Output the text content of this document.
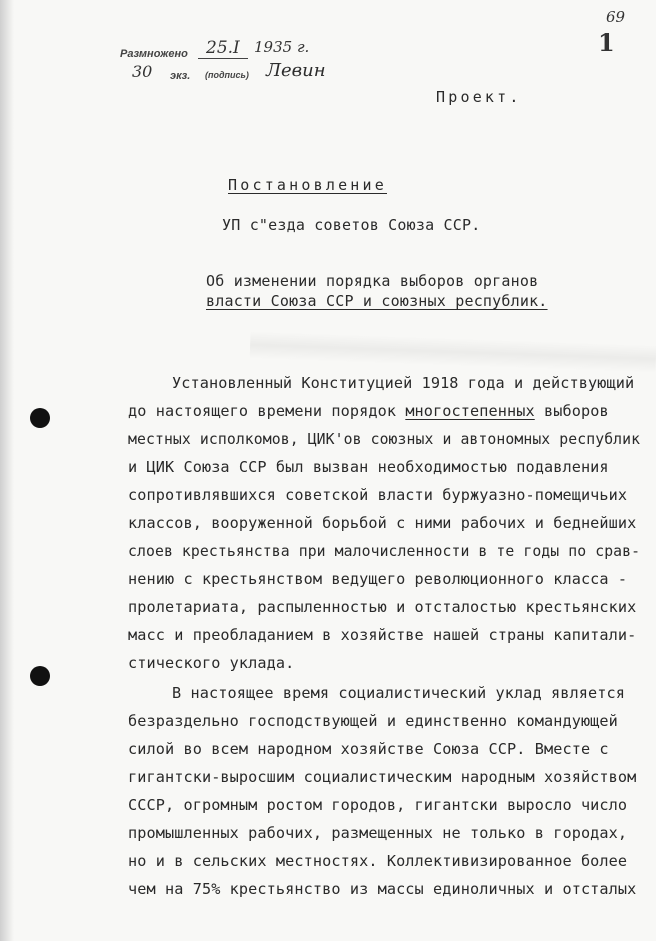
69
1
Размножено 25.I 1935 г.
30 экз. (подпись) Левин
Проект.
Постановление
УП с"езда советов Союза ССР.
Об изменении порядка выборов органов
власти Союза ССР и союзных республик.
Установленный Конституцией 1918 года и действующий
до настоящего времени порядок многостепенных выборов
местных исполкомов, ЦИК'ов союзных и автономных республик
и ЦИК Союза ССР был вызван необходимостью подавления
сопротивлявшихся советской власти буржуазно-помещичьих
классов, вооруженной борьбой с ними рабочих и беднейших
слоев крестьянства при малочисленности в те годы по срав-
нению с крестьянством ведущего революционного класса -
пролетариата, распыленностью и отсталостью крестьянских
масс и преобладанием в хозяйстве нашей страны капитали-
стического уклада.
В настоящее время социалистический уклад является
безраздельно господствующей и единственно командующей
силой во всем народном хозяйстве Союза ССР. Вместе с
гигантски-выросшим социалистическим народным хозяйством
СССР, огромным ростом городов, гигантски выросло число
промышленных рабочих, размещенных не только в городах,
но и в сельских местностях. Коллективизированное более
чем на 75% крестьянство из массы единоличных и отсталых
